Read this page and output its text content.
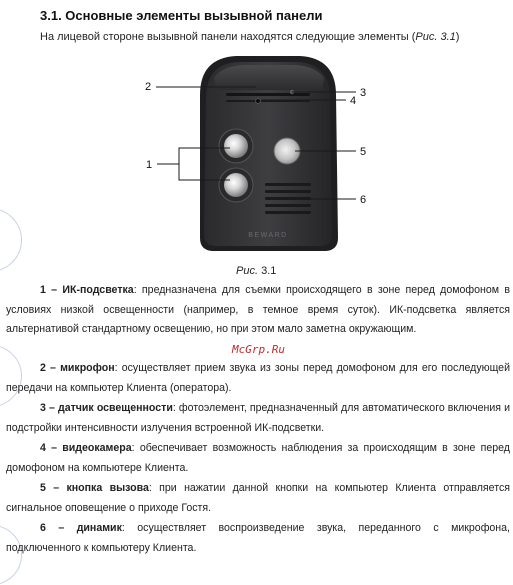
3.1. Основные элементы вызывной панели
На лицевой стороне вызывной панели находятся следующие элементы (Рис. 3.1)
BEWARD
2	3
4
1
5
6
Рис. 3.1
McGrp.Ru
1 – ИК-подсветка: предназначена для съемки происходящего в зоне перед домофоном в условиях низкой освещенности (например, в темное время суток). ИК-подсветка является альтернативой стандартному освещению, но при этом мало заметна окружающим.
2 – микрофон: осуществляет прием звука из зоны перед домофоном для его последующей передачи на компьютер Клиента (оператора).
3 – датчик освещенности: фотоэлемент, предназначенный для автоматического включения и подстройки интенсивности излучения встроенной ИК-подсветки.
4 – видеокамера: обеспечивает возможность наблюдения за происходящим в зоне перед домофоном на компьютере Клиента.
5 – кнопка вызова: при нажатии данной кнопки на компьютер Клиента отправляется сигнальное оповещение о приходе Гостя.
6 – динамик: осуществляет воспроизведение звука, переданного с микрофона, подключенного к компьютеру Клиента.
